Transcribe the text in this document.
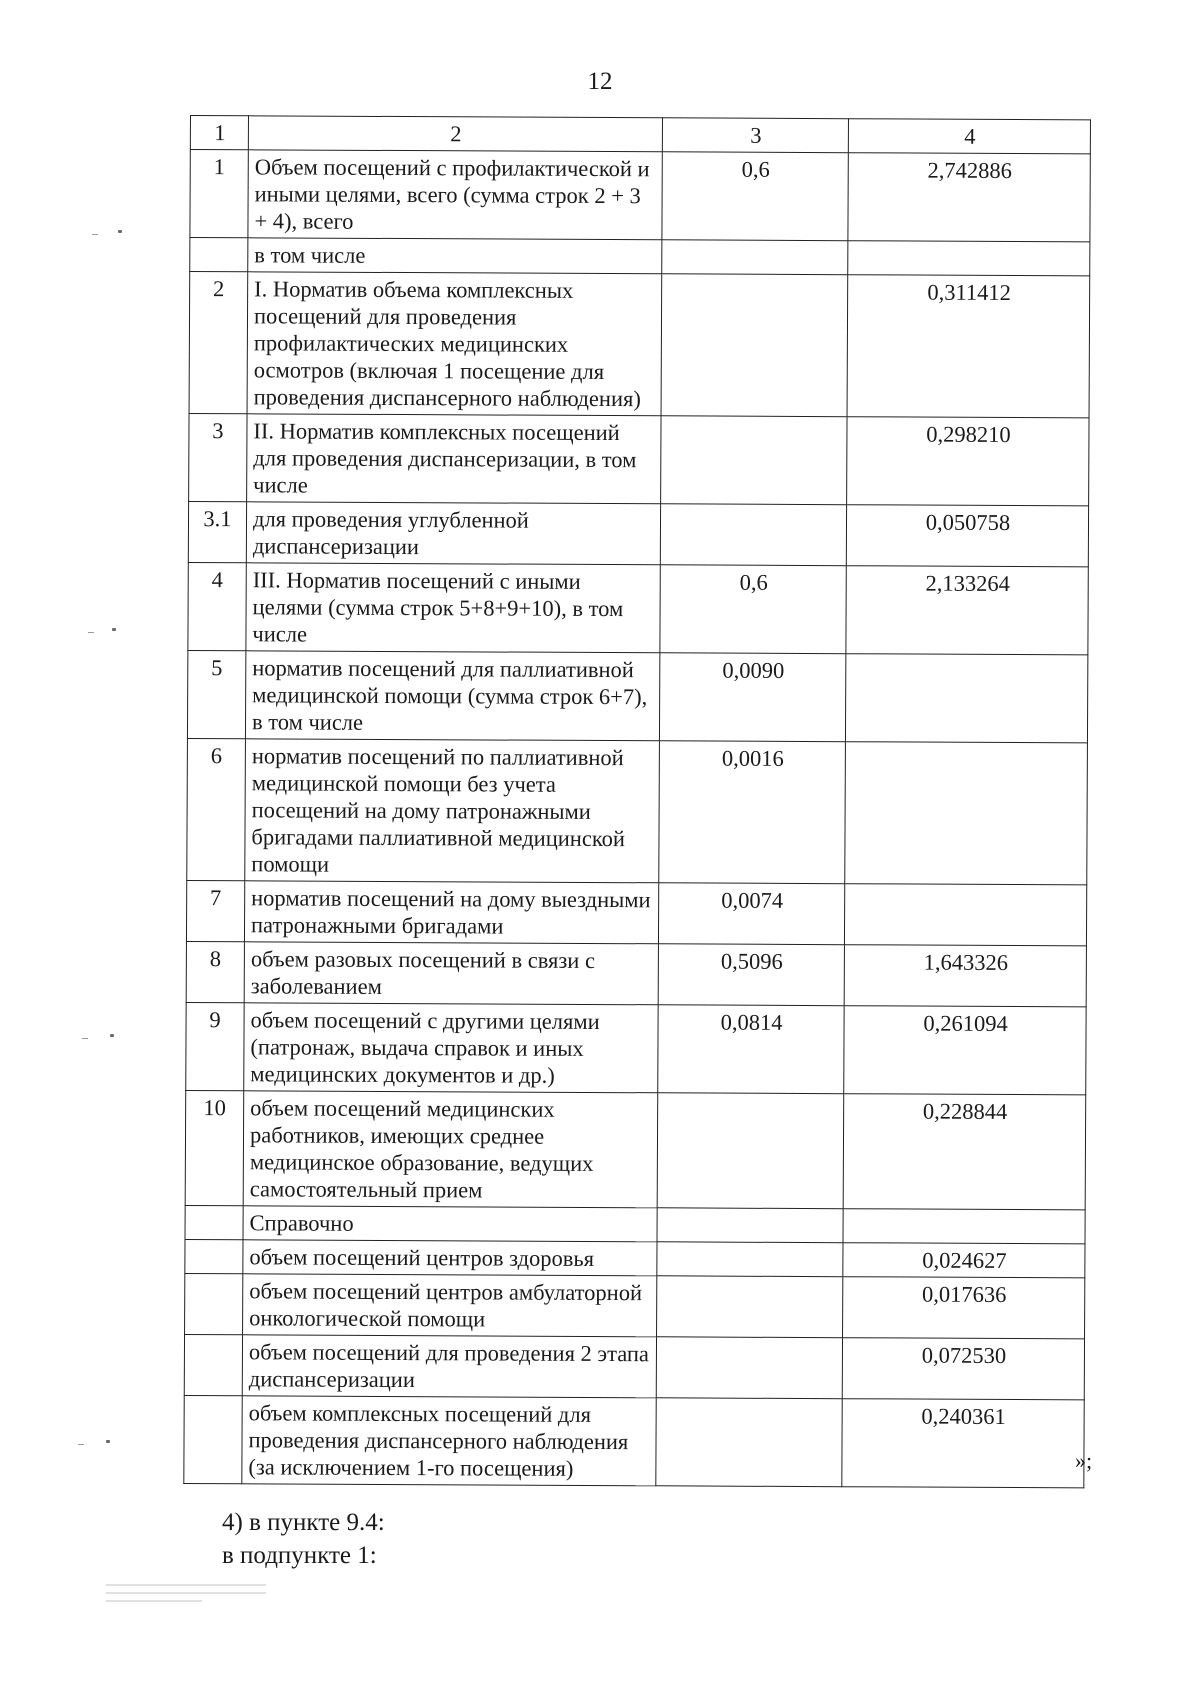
12
1	2	3	4
1	Объем посещений с профилактической и иными целями, всего (сумма строк 2 + 3 + 4), всего	0,6	2,742886
	в том числе		
2	I. Норматив объема комплексных посещений для проведения профилактических медицинских осмотров (включая 1 посещение для проведения диспансерного наблюдения)		0,311412
3	II. Норматив комплексных посещений для проведения диспансеризации, в том числе		0,298210
3.1	для проведения углубленной диспансеризации		0,050758
4	III. Норматив посещений с иными целями (сумма строк 5+8+9+10), в том числе	0,6	2,133264
5	норматив посещений для паллиативной медицинской помощи (сумма строк 6+7), в том числе	0,0090	
6	норматив посещений по паллиативной медицинской помощи без учета посещений на дому патронажными бригадами паллиативной медицинской помощи	0,0016	
7	норматив посещений на дому выездными патронажными бригадами	0,0074	
8	объем разовых посещений в связи с заболеванием	0,5096	1,643326
9	объем посещений с другими целями (патронаж, выдача справок и иных медицинских документов и др.)	0,0814	0,261094
10	объем посещений медицинских работников, имеющих среднее медицинское образование, ведущих самостоятельный прием		0,228844
	Справочно		
	объем посещений центров здоровья		0,024627
	объем посещений центров амбулаторной онкологической помощи		0,017636
	объем посещений для проведения 2 этапа диспансеризации		0,072530
	объем комплексных посещений для проведения диспансерного наблюдения (за исключением 1-го посещения)		0,240361
»;
4) в пункте 9.4:
в подпункте 1:
